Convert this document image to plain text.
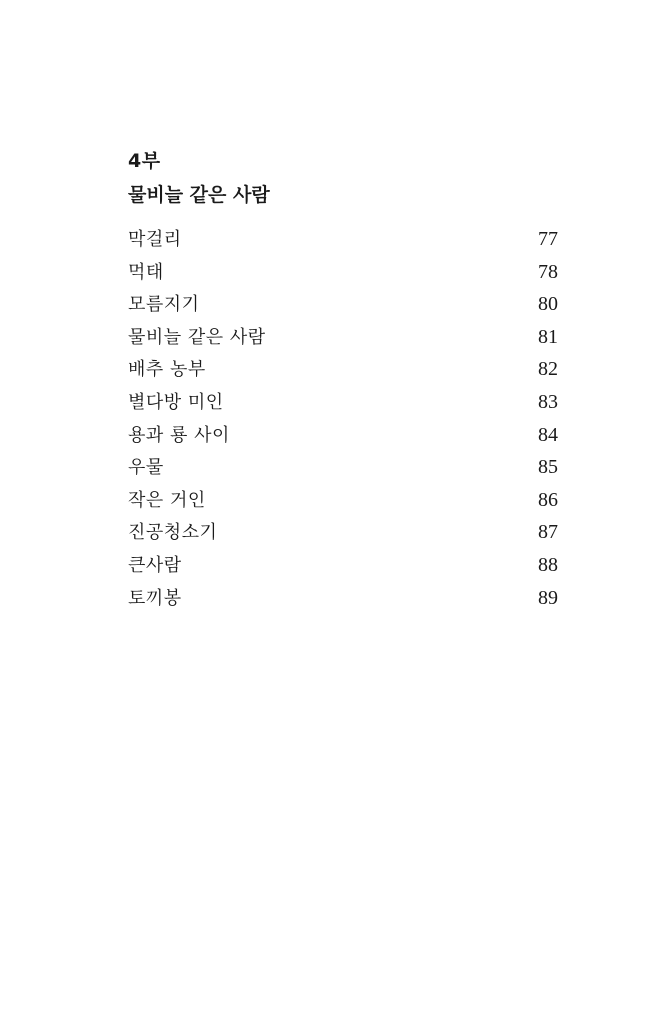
4부
물비늘 같은 사람
막걸리	77
먹태	78
모름지기	80
물비늘 같은 사람	81
배추 농부	82
별다방 미인	83
용과 룡 사이	84
우물	85
작은 거인	86
진공청소기	87
큰사람	88
토끼봉	89
